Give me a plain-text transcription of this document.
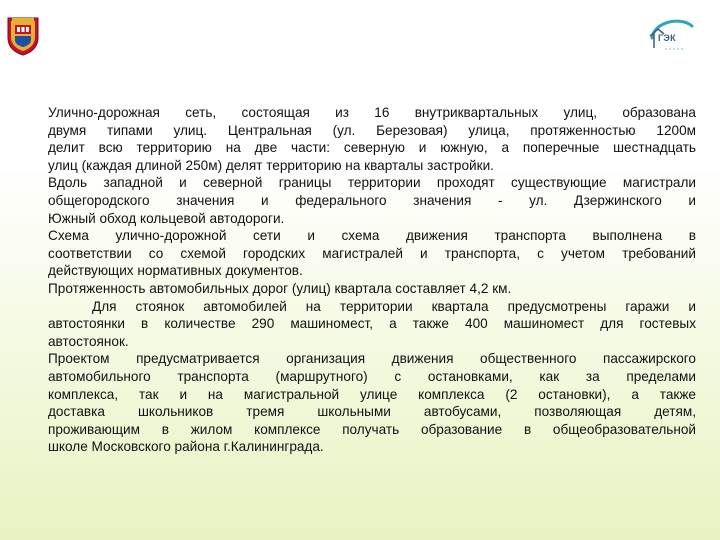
ГЭК

Улично-дорожная сеть, состоящая из 16 внутриквартальных улиц, образована
двумя типами улиц. Центральная (ул. Березовая) улица, протяженностью 1200м
делит всю территорию на две части: северную и южную, а поперечные шестнадцать
улиц (каждая длиной 250м) делят территорию на кварталы застройки.

Вдоль западной и северной границы территории проходят существующие магистрали
общегородского значения и федерального значения - ул. Дзержинского и
Южный обход кольцевой автодороги.

Схема улично-дорожной сети и схема движения транспорта выполнена в
соответствии со схемой городских магистралей и транспорта, с учетом требований
действующих нормативных документов.

Протяженность автомобильных дорог (улиц) квартала составляет 4,2 км.

Для стоянок автомобилей на территории квартала предусмотрены гаражи и
автостоянки в количестве 290 машиномест, а также 400 машиномест для гостевых
автостоянок.

Проектом предусматривается организация движения общественного пассажирского
автомобильного транспорта (маршрутного) с остановками, как за пределами
комплекса, так и на магистральной улице комплекса (2 остановки), а также
доставка школьников тремя школьными автобусами, позволяющая детям,
проживающим в жилом комплексе получать образование в общеобразовательной
школе Московского района г.Калининграда.
